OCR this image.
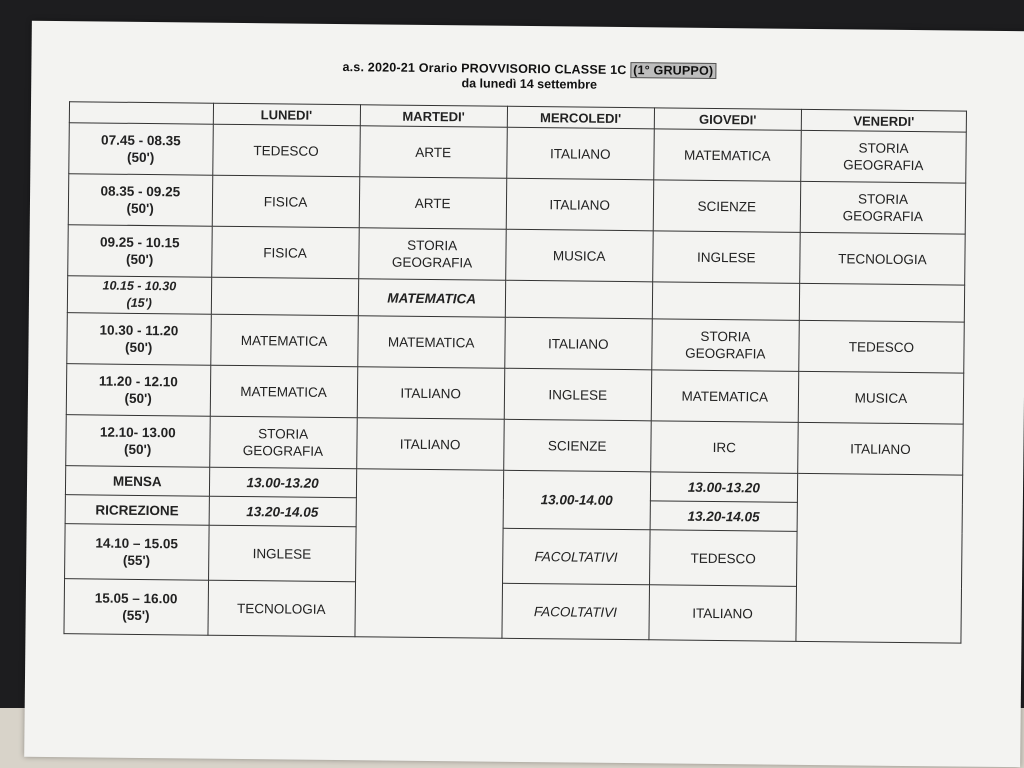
a.s. 2020-21 Orario PROVVISORIO CLASSE 1C (1° GRUPPO)
da lunedì 14 settembre
	LUNEDI'	MARTEDI'	MERCOLEDI'	GIOVEDI'	VENERDI'
07.45 - 08.35
(50')	TEDESCO	ARTE	ITALIANO	MATEMATICA	STORIA
GEOGRAFIA
08.35 - 09.25
(50')	FISICA	ARTE	ITALIANO	SCIENZE	STORIA
GEOGRAFIA
09.25 - 10.15
(50')	FISICA	STORIA
GEOGRAFIA	MUSICA	INGLESE	TECNOLOGIA
10.15 - 10.30
(15')		MATEMATICA			
10.30 - 11.20
(50')	MATEMATICA	MATEMATICA	ITALIANO	STORIA
GEOGRAFIA	TEDESCO
11.20 - 12.10
(50')	MATEMATICA	ITALIANO	INGLESE	MATEMATICA	MUSICA
12.10- 13.00
(50')	STORIA
GEOGRAFIA	ITALIANO	SCIENZE	IRC	ITALIANO
MENSA	13.00-13.20		13.00-14.00	13.00-13.20	
RICREZIONE	13.20-14.05			13.20-14.05	
14.10 – 15.05
(55')	INGLESE		FACOLTATIVI	TEDESCO	
15.05 – 16.00
(55')	TECNOLOGIA		FACOLTATIVI	ITALIANO	
